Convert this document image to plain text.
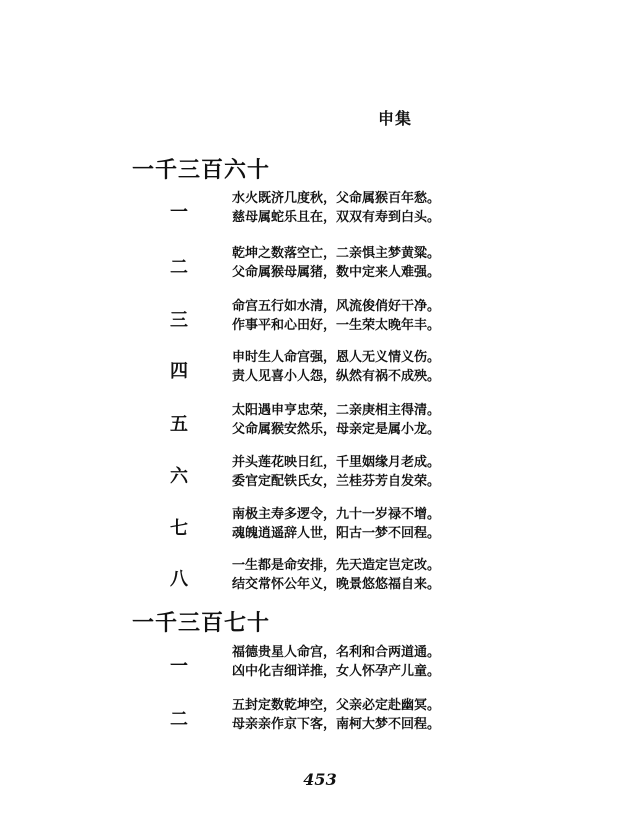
申集
一千三百六十
一
水火既济几度秋，父命属猴百年愁。
慈母属蛇乐且在，双双有寿到白头。
二
乾坤之数落空亡，二亲惧主梦黄粱。
父命属猴母属猪，数中定来人难强。
三
命宫五行如水清，风流俊俏好干净。
作事平和心田好，一生荣太晚年丰。
四
申时生人命宫强，恩人无义情义伤。
责人见喜小人怨，纵然有祸不成殃。
五
太阳遇申亨忠荣，二亲庚相主得清。
父命属猴安然乐，母亲定是属小龙。
六
并头莲花映日红，千里姻缘月老成。
委官定配铁氏女，兰桂芬芳自发荣。
七
南极主寿多逻令，九十一岁禄不增。
魂魄逍遥辞人世，阳古一梦不回程。
八
一生都是命安排，先天造定岂定改。
结交常怀公年义，晚景悠悠福自来。
一千三百七十
一
福德贵星人命宫，名利和合两道通。
凶中化吉细详推，女人怀孕产儿童。
二
五封定数乾坤空，父亲必定赴幽冥。
母亲亲作京下客，南柯大梦不回程。
453
